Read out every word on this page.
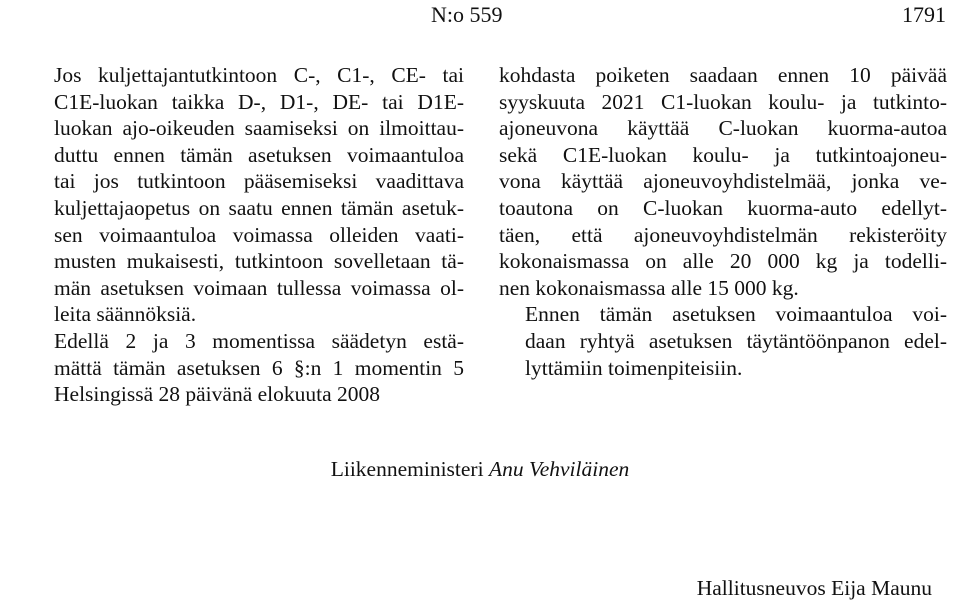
N:o 559	1791

Jos kuljettajantutkintoon C-, C1-, CE- tai
C1E-luokan taikka D-, D1-, DE- tai D1E-
luokan ajo-oikeuden saamiseksi on ilmoittau-
duttu ennen tämän asetuksen voimaantuloa
tai jos tutkintoon pääsemiseksi vaadittava
kuljettajaopetus on saatu ennen tämän asetuk-
sen voimaantuloa voimassa olleiden vaati-
musten mukaisesti, tutkintoon sovelletaan tä-
män asetuksen voimaan tullessa voimassa ol-
leita säännöksiä.

Edellä 2 ja 3 momentissa säädetyn estä-
mättä tämän asetuksen 6 §:n 1 momentin 5

kohdasta poiketen saadaan ennen 10 päivää
syyskuuta 2021 C1-luokan koulu- ja tutkinto-
ajoneuvona käyttää C-luokan kuorma-autoa
sekä C1E-luokan koulu- ja tutkintoajoneu-
vona käyttää ajoneuvoyhdistelmää, jonka ve-
toautona on C-luokan kuorma-auto edellyt-
täen, että ajoneuvoyhdistelmän rekisteröity
kokonaismassa on alle 20 000 kg ja todelli-
nen kokonaismassa alle 15 000 kg.

Ennen tämän asetuksen voimaantuloa voi-
daan ryhtyä asetuksen täytäntöönpanon edel-
lyttämiin toimenpiteisiin.

Helsingissä 28 päivänä elokuuta 2008
Liikenneministeri Anu Vehviläinen
Hallitusneuvos Eija Maunu
